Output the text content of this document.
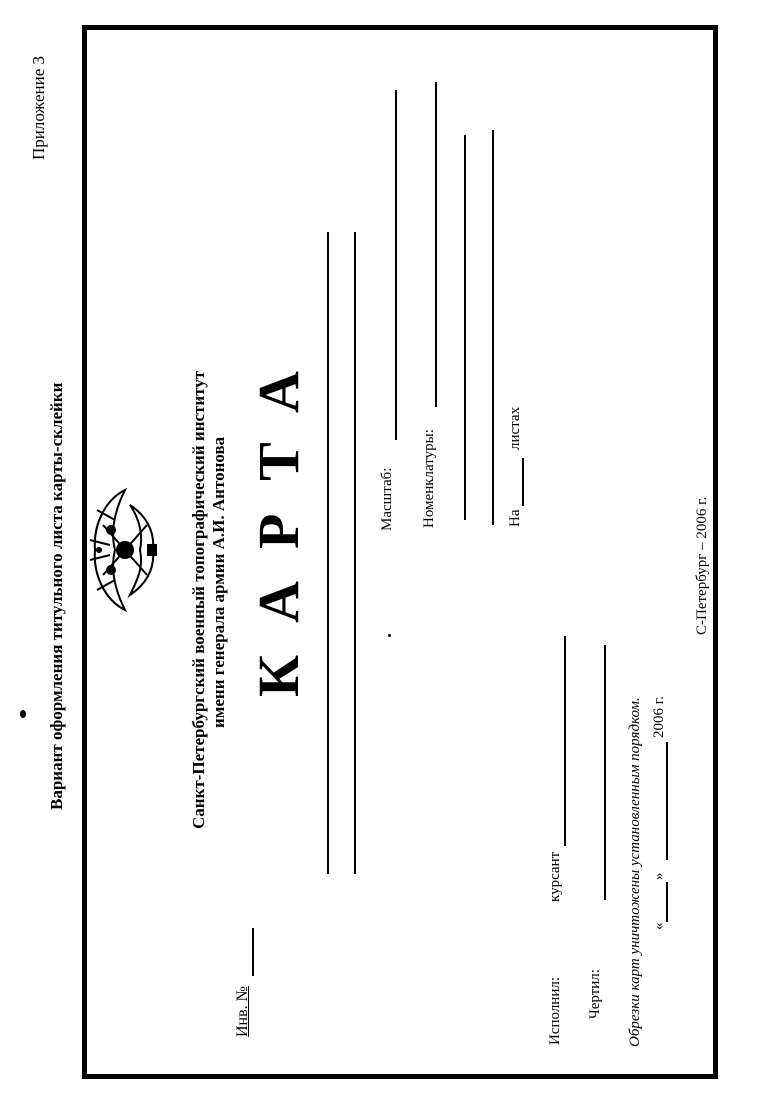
Приложение 3
Вариант оформления титульного листа карты-склейки	Санкт-Петербургский военный топографический институт имени генерала армии А.И. Антонова КАРТА	Масштаб: Номенклатуры:	На
листах
Инв. №	Исполнил:
курсант
Чертил: Обрезки карт уничтожены установленным порядком. «
»
2006 г.
С-Петербург – 2006 г.
